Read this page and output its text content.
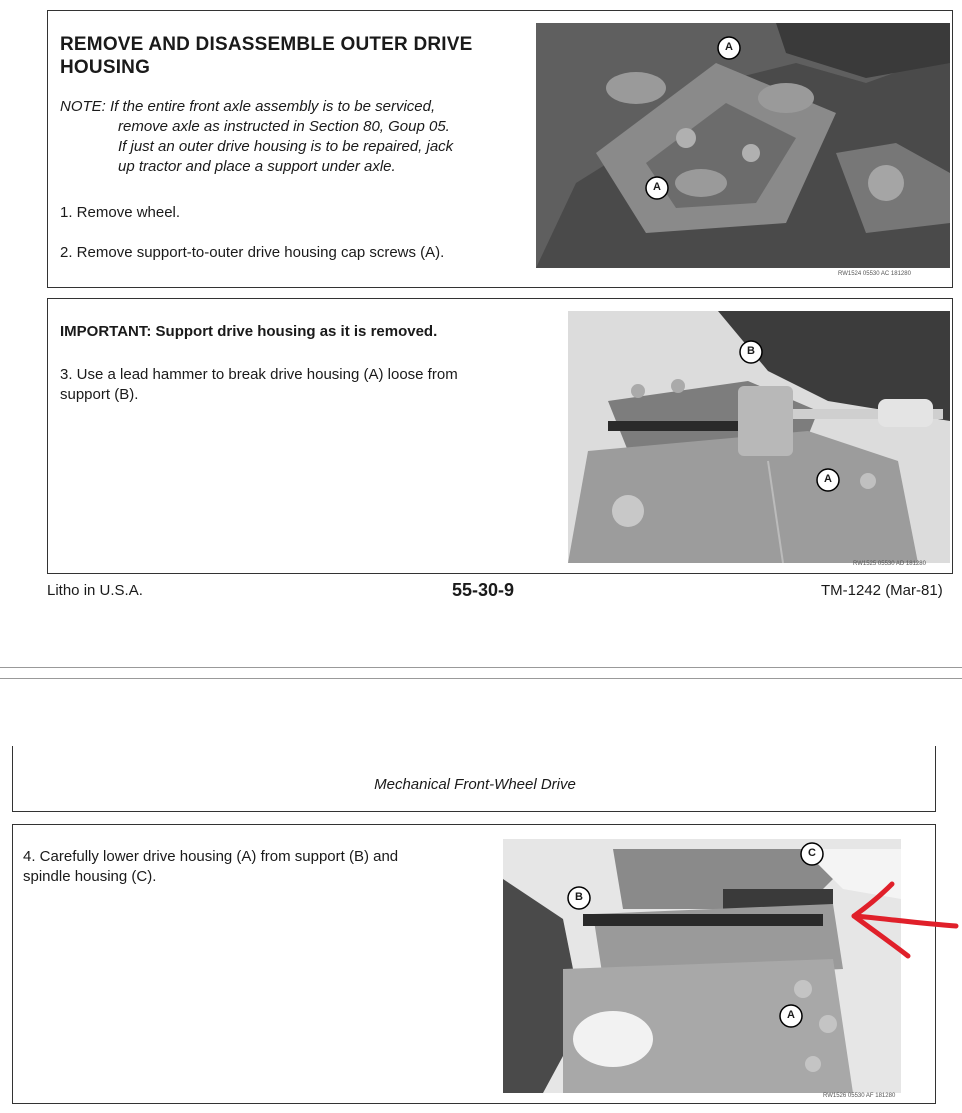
REMOVE AND DISASSEMBLE OUTER DRIVE
HOUSING
NOTE: If the entire front axle assembly is to be serviced,
remove axle as instructed in Section 80, Goup 05.
If just an outer drive housing is to be repaired, jack
up tractor and place a support under axle.
1. Remove wheel.
2. Remove support-to-outer drive housing cap screws (A).
A
A
RW1524 05530 AC 181280
IMPORTANT: Support drive housing as it is removed.
3. Use a lead hammer to break drive housing (A) loose from
support (B).
B
A
RW1525 05530 AD 181280
Litho in U.S.A.	55-30-9	TM-1242 (Mar-81)
Mechanical Front-Wheel Drive
4. Carefully lower drive housing (A) from support (B) and
spindle housing (C).
C
B
A
RW1526 05530 AF 181280
